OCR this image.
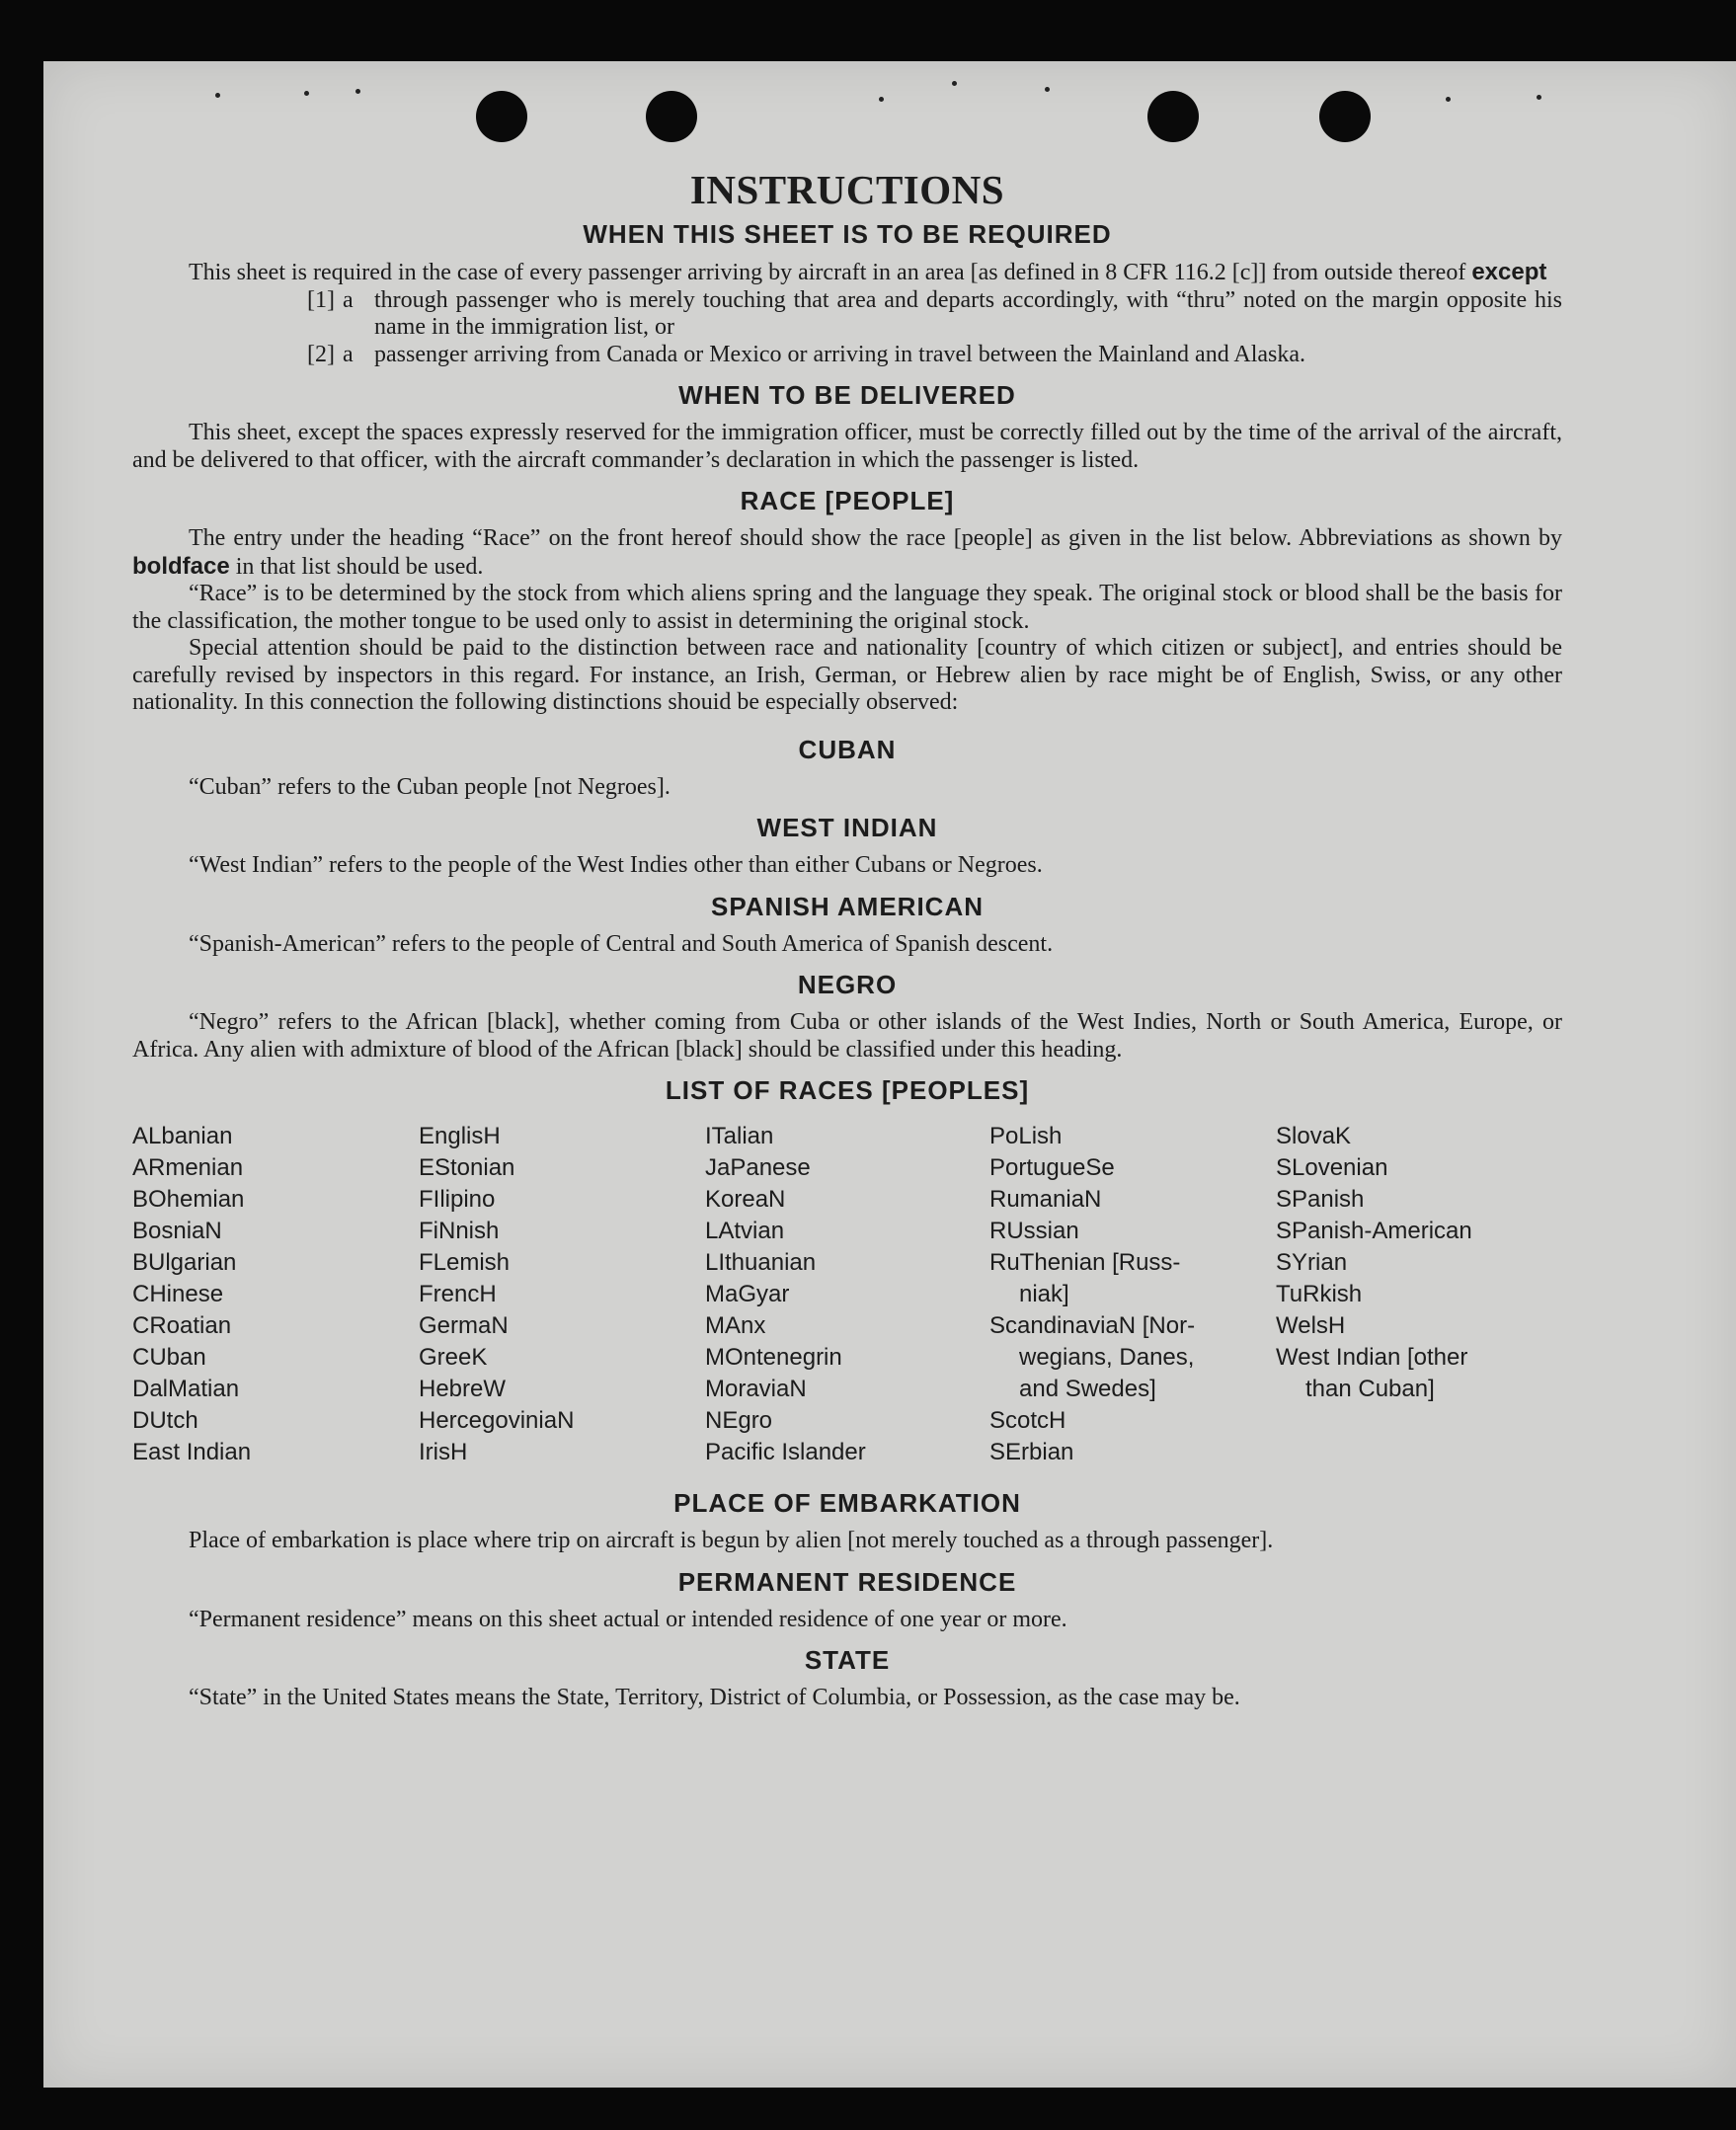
INSTRUCTIONS
WHEN THIS SHEET IS TO BE REQUIRED

This sheet is required in the case of every passenger arriving by aircraft in an area [as defined in 8 CFR 116.2 [c]] from outside thereof except

[1] a through passenger who is merely touching that area and departs accordingly, with “thru” noted on the margin opposite his name in the immigration list, or
[2] a passenger arriving from Canada or Mexico or arriving in travel between the Mainland and Alaska.
WHEN TO BE DELIVERED

This sheet, except the spaces expressly reserved for the immigration officer, must be correctly filled out by the time of the arrival of the aircraft, and be delivered to that officer, with the aircraft commander’s declaration in which the passenger is listed.

RACE [PEOPLE]

The entry under the heading “Race” on the front hereof should show the race [people] as given in the list below. Abbreviations as shown by boldface in that list should be used.

“Race” is to be determined by the stock from which aliens spring and the language they speak. The original stock or blood shall be the basis for the classification, the mother tongue to be used only to assist in determining the original stock.

Special attention should be paid to the distinction between race and nationality [country of which citizen or subject], and entries should be carefully revised by inspectors in this regard. For instance, an Irish, German, or Hebrew alien by race might be of English, Swiss, or any other nationality. In this connection the following distinctions shouid be especially observed:

CUBAN

“Cuban” refers to the Cuban people [not Negroes].

WEST INDIAN

“West Indian” refers to the people of the West Indies other than either Cubans or Negroes.

SPANISH AMERICAN

“Spanish-American” refers to the people of Central and South America of Spanish descent.

NEGRO

“Negro” refers to the African [black], whether coming from Cuba or other islands of the West Indies, North or South America, Europe, or Africa. Any alien with admixture of blood of the African [black] should be classified under this heading.

LIST OF RACES [PEOPLES]
ALbanian
ARmenian
BOhemian
BosniaN
BUlgarian
CHinese
CRoatian
CUban
DalMatian
DUtch
East Indian
EnglisH
EStonian
FIlipino
FiNnish
FLemish
FrencH
GermaN
GreeK
HebreW
HercegoviniaN
IrisH
ITalian
JaPanese
KoreaN
LAtvian
LIthuanian
MaGyar
MAnx
MOntenegrin
MoraviaN
NEgro
Pacific Islander
PoLish
PortugueSe
RumaniaN
RUssian
RuThenian [Russ-
niak]
ScandinaviaN [Nor-
wegians, Danes,
and Swedes]
ScotcH
SErbian
SlovaK
SLovenian
SPanish
SPanish-American
SYrian
TuRkish
WelsH
West Indian [other
than Cuban]
PLACE OF EMBARKATION

Place of embarkation is place where trip on aircraft is begun by alien [not merely touched as a through passenger].

PERMANENT RESIDENCE

“Permanent residence” means on this sheet actual or intended residence of one year or more.

STATE

“State” in the United States means the State, Territory, District of Columbia, or Possession, as the case may be.
